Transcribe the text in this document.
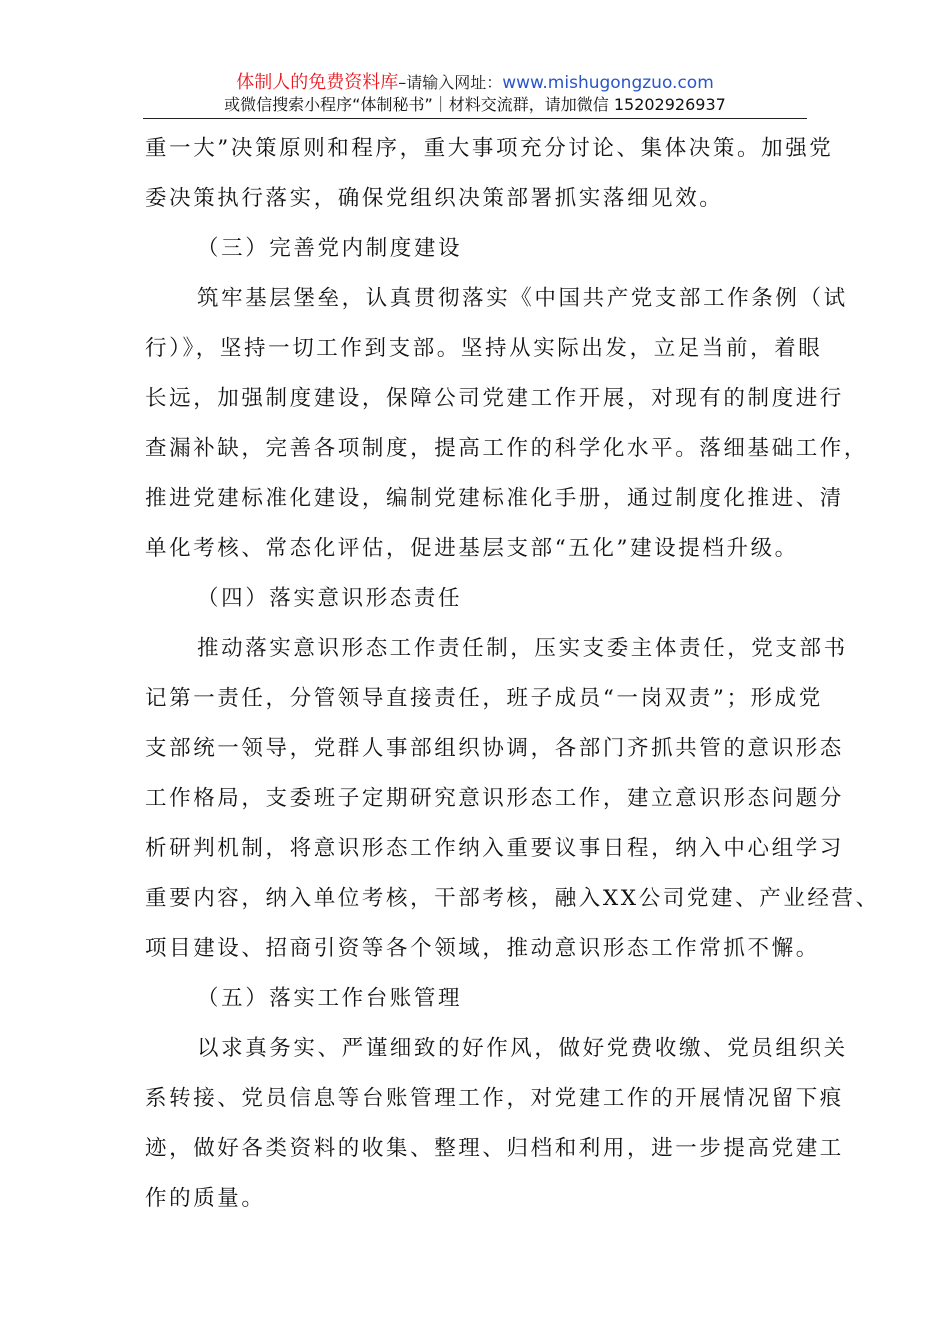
体制人的免费资料库–请输入网址：www.mishugongzuo.com
或微信搜索小程序“体制秘书”｜材料交流群，请加微信 15202926937
重一大”决策原则和程序，重大事项充分讨论、集体决策。加强党
委决策执行落实，确保党组织决策部署抓实落细见效。
（三）完善党内制度建设
筑牢基层堡垒，认真贯彻落实《中国共产党支部工作条例（试
行）》，坚持一切工作到支部。坚持从实际出发，立足当前，着眼
长远，加强制度建设，保障公司党建工作开展，对现有的制度进行
查漏补缺，完善各项制度，提高工作的科学化水平。落细基础工作，
推进党建标准化建设，编制党建标准化手册，通过制度化推进、清
单化考核、常态化评估，促进基层支部“五化”建设提档升级。
（四）落实意识形态责任
推动落实意识形态工作责任制，压实支委主体责任，党支部书
记第一责任，分管领导直接责任，班子成员“一岗双责”；形成党
支部统一领导，党群人事部组织协调，各部门齐抓共管的意识形态
工作格局，支委班子定期研究意识形态工作，建立意识形态问题分
析研判机制，将意识形态工作纳入重要议事日程，纳入中心组学习
重要内容，纳入单位考核，干部考核，融入XX公司党建、产业经营、
项目建设、招商引资等各个领域，推动意识形态工作常抓不懈。
（五）落实工作台账管理
以求真务实、严谨细致的好作风，做好党费收缴、党员组织关
系转接、党员信息等台账管理工作，对党建工作的开展情况留下痕
迹，做好各类资料的收集、整理、归档和利用，进一步提高党建工
作的质量。
